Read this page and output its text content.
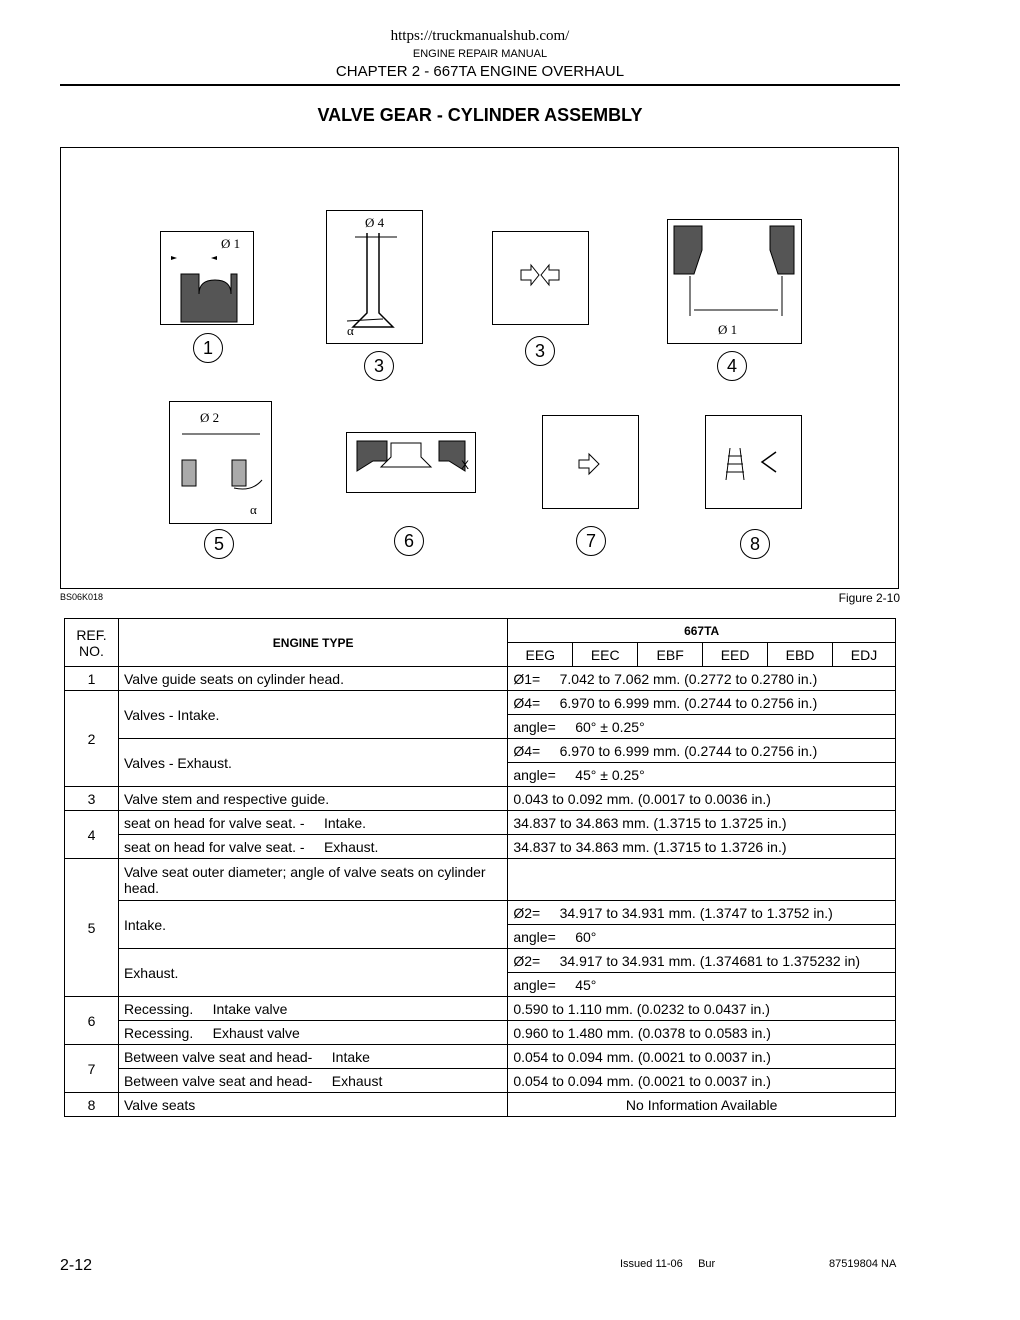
https://truckmanualshub.com/
ENGINE REPAIR MANUAL
CHAPTER 2 - 667TA ENGINE OVERHAUL
VALVE GEAR - CYLINDER ASSEMBLY
Ø 1
Ø 4
α	Ø 1
Ø 2
α
X
1
3
3
4
5	6	7	8
BS06K018	Figure 2-10
REF. NO.	ENGINE TYPE	667TA					
		EEG	EEC	EBF	EED	EBD	EDJ
1	Valve guide seats on cylinder head.	Ø1=     7.042 to 7.062 mm. (0.2772 to 0.2780 in.)					
2	Valves - Intake.	Ø4=     6.970 to 6.999 mm. (0.2744 to 0.2756 in.)					
		angle=     60° ± 0.25°					
	Valves - Exhaust.	Ø4=     6.970 to 6.999 mm. (0.2744 to 0.2756 in.)					
		angle=     45° ± 0.25°					
3	Valve stem and respective guide.	0.043 to 0.092 mm. (0.0017 to 0.0036 in.)					
4	seat on head for valve seat. -     Intake.	34.837 to 34.863 mm. (1.3715 to 1.3725 in.)					
	seat on head for valve seat. -     Exhaust.	34.837 to 34.863 mm. (1.3715 to 1.3726 in.)					
5	Valve seat outer diameter; angle of valve seats on cylinder head.						
	Intake.	Ø2=     34.917 to 34.931 mm. (1.3747 to 1.3752 in.)					
		angle=     60°					
	Exhaust.	Ø2=     34.917 to 34.931 mm. (1.374681 to 1.375232 in)					
		angle=     45°					
6	Recessing.     Intake valve	0.590 to 1.110 mm. (0.0232 to 0.0437 in.)					
	Recessing.     Exhaust valve	0.960 to 1.480 mm. (0.0378 to 0.0583 in.)					
7	Between valve seat and head-     Intake	0.054 to 0.094 mm. (0.0021 to 0.0037 in.)					
	Between valve seat and head-     Exhaust	0.054 to 0.094 mm. (0.0021 to 0.0037 in.)					
8	Valve seats	No Information Available					
2-12	Issued 11-06     Bur	87519804 NA
